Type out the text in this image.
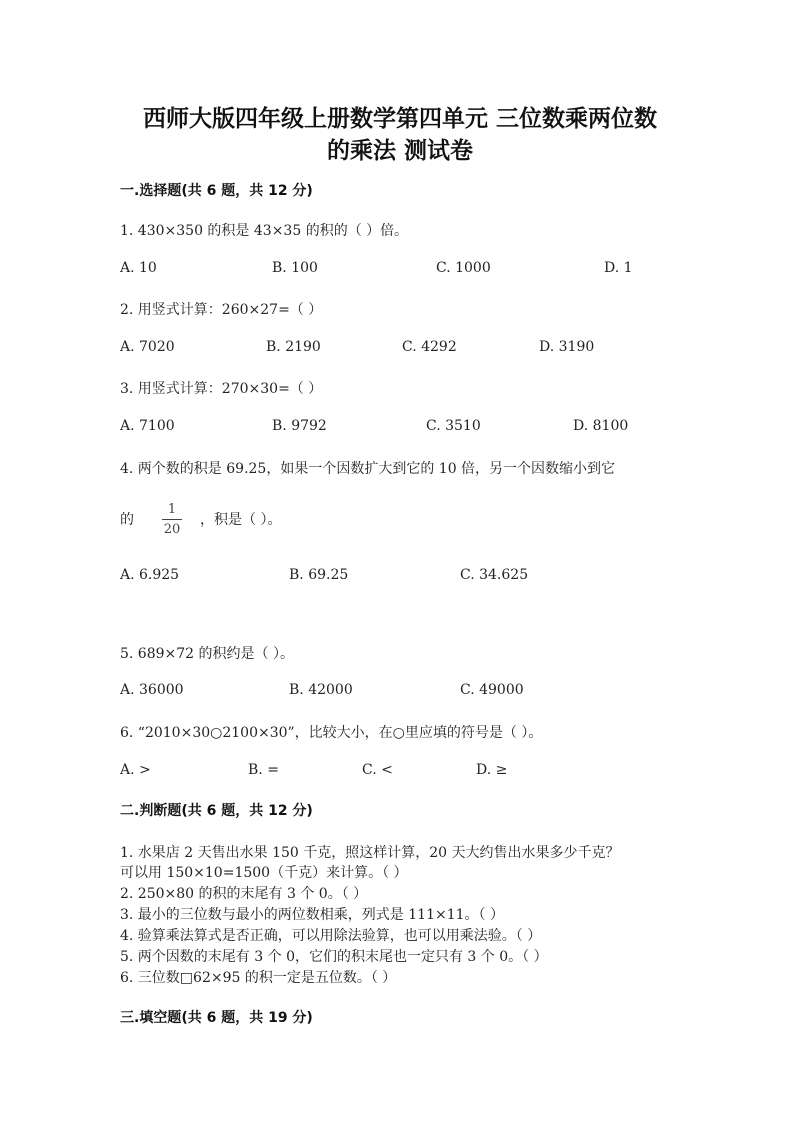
西师大版四年级上册数学第四单元 三位数乘两位数
的乘法 测试卷
一.选择题(共 6 题，共 12 分)
1. 430×350 的积是 43×35 的积的（ ）倍。
A. 10	B. 100	C. 1000	D. 1
2. 用竖式计算：260×27=（ ）
A. 7020	B. 2190	C. 4292	D. 3190
3. 用竖式计算：270×30=（ ）
A. 7100	B. 9792	C. 3510	D. 8100
4. 两个数的积是 69.25，如果一个因数扩大到它的 10 倍，另一个因数缩小到它
的
1
20
，积是（ ）。
A. 6.925	B. 69.25	C. 34.625
5. 689×72 的积约是（ ）。
A. 36000	B. 42000	C. 49000
6. “2010×30○2100×30”，比较大小，在○里应填的符号是（ ）。
A. >	B. =	C. <	D. ≥
二.判断题(共 6 题，共 12 分)
1. 水果店 2 天售出水果 150 千克，照这样计算，20 天大约售出水果多少千克？
可以用 150×10=1500（千克）来计算。（ ）
2. 250×80 的积的末尾有 3 个 0。（ ）
3. 最小的三位数与最小的两位数相乘，列式是 111×11。（ ）
4. 验算乘法算式是否正确，可以用除法验算，也可以用乘法验。（ ）
5. 两个因数的末尾有 3 个 0，它们的积末尾也一定只有 3 个 0。（ ）
6. 三位数□62×95 的积一定是五位数。（ ）
三.填空题(共 6 题，共 19 分)
